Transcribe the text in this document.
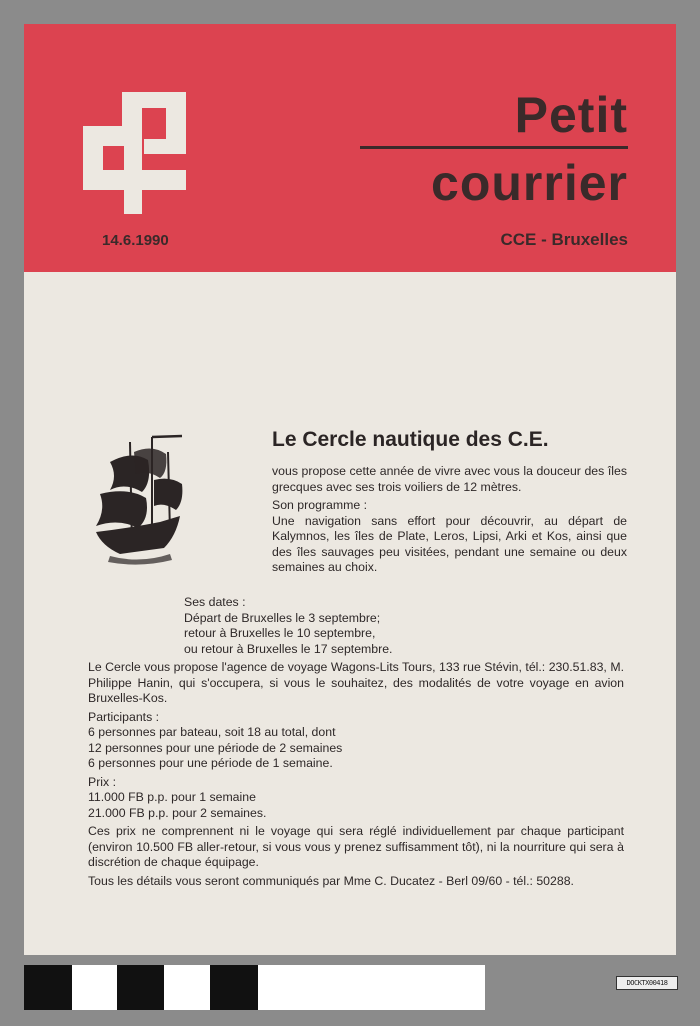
Petit
courrier
14.6.1990	CCE - Bruxelles
Le Cercle nautique des C.E.

vous propose cette année de vivre avec vous la douceur des îles grecques avec ses trois voiliers de 12 mètres.

Son programme :

Une navigation sans effort pour découvrir, au départ de Kalymnos, les îles de Plate, Leros, Lipsi, Arki et Kos, ainsi que des îles sauvages peu visitées, pendant une semaine ou deux semaines au choix.

Ses dates :
Départ de Bruxelles le 3 septembre;
retour à Bruxelles le 10 septembre,
ou retour à Bruxelles le 17 septembre.

Le Cercle vous propose l'agence de voyage Wagons-Lits Tours, 133 rue Stévin, tél.: 230.51.83, M. Philippe Hanin, qui s'occupera, si vous le souhaitez, des modalités de votre voyage en avion Bruxelles-Kos.

Participants :
6 personnes par bateau, soit 18 au total, dont
12 personnes pour une période de 2 semaines

6 personnes pour une période de 1 semaine.

Prix :
11.000 FB p.p. pour 1 semaine

21.000 FB p.p. pour 2 semaines.

Ces prix ne comprennent ni le voyage qui sera réglé individuellement par chaque participant (environ 10.500 FB aller-retour, si vous vous y prenez suffisamment tôt), ni la nourriture qui sera à discrétion de chaque équipage.

Tous les détails vous seront communiqués par Mme C. Ducatez - Berl 09/60 - tél.: 50288.

DOCKTX00418
